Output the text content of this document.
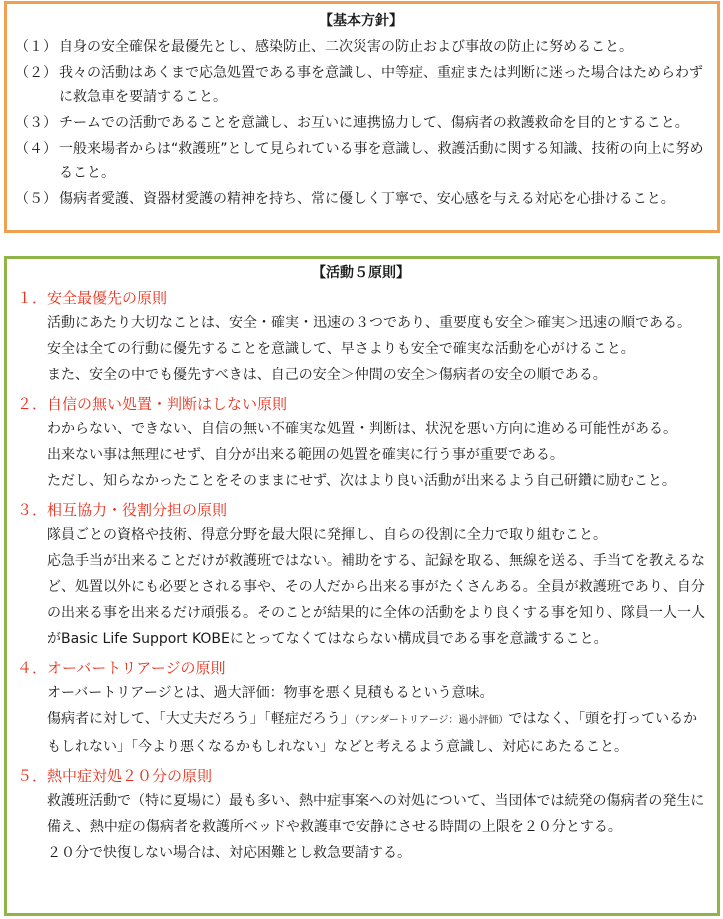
【基本方針】
（１） 自身の安全確保を最優先とし、感染防止、二次災害の防止および事故の防止に努めること。
（２） 我々の活動はあくまで応急処置である事を意識し、中等症、重症または判断に迷った場合はためらわずに救急車を要請すること。
（３） チームでの活動であることを意識し、お互いに連携協力して、傷病者の救護救命を目的とすること。
（４） 一般来場者からは“救護班”として見られている事を意識し、救護活動に関する知識、技術の向上に努めること。
（５） 傷病者愛護、資器材愛護の精神を持ち、常に優しく丁寧で、安心感を与える対応を心掛けること。
【活動５原則】
１． 安全最優先の原則
活動にあたり大切なことは、安全・確実・迅速の３つであり、重要度も安全＞確実＞迅速の順である。
安全は全ての行動に優先することを意識して、早さよりも安全で確実な活動を心がけること。
また、安全の中でも優先すべきは、自己の安全＞仲間の安全＞傷病者の安全の順である。
２． 自信の無い処置・判断はしない原則
わからない、できない、自信の無い不確実な処置・判断は、状況を悪い方向に進める可能性がある。
出来ない事は無理にせず、自分が出来る範囲の処置を確実に行う事が重要である。
ただし、知らなかったことをそのままにせず、次はより良い活動が出来るよう自己研鑽に励むこと。
３． 相互協力・役割分担の原則
隊員ごとの資格や技術、得意分野を最大限に発揮し、自らの役割に全力で取り組むこと。
応急手当が出来ることだけが救護班ではない。補助をする、記録を取る、無線を送る、手当てを教えるなど、処置以外にも必要とされる事や、その人だから出来る事がたくさんある。全員が救護班であり、自分の出来る事を出来るだけ頑張る。そのことが結果的に全体の活動をより良くする事を知り、隊員一人一人がBasic Life Support KOBEにとってなくてはならない構成員である事を意識すること。
４． オーバートリアージの原則
オーバートリアージとは、過大評価：物事を悪く見積もるという意味。
傷病者に対して、「大丈夫だろう」「軽症だろう」（アンダートリアージ：過小評価）ではなく、「頭を打っているかもしれない」「今より悪くなるかもしれない」などと考えるよう意識し、対応にあたること。
５． 熱中症対処２０分の原則
救護班活動で（特に夏場に）最も多い、熱中症事案への対処について、当団体では続発の傷病者の発生に備え、熱中症の傷病者を救護所ベッドや救護車で安静にさせる時間の上限を２０分とする。
２０分で快復しない場合は、対応困難とし救急要請する。
